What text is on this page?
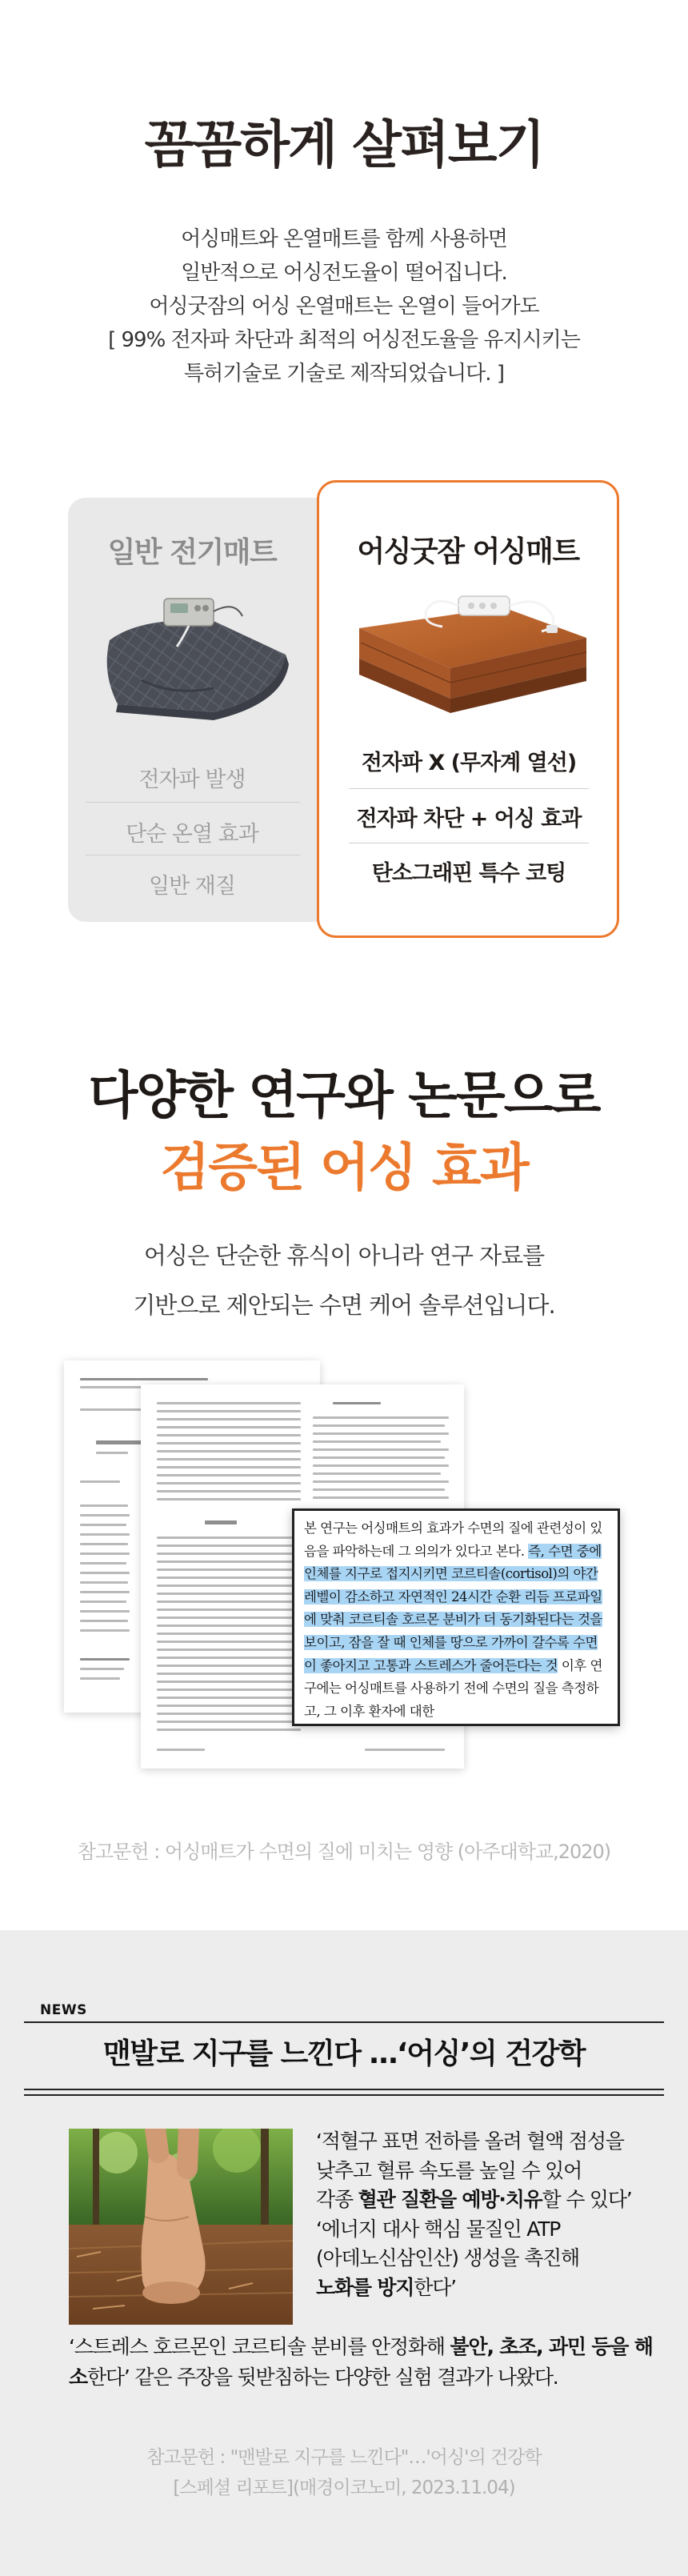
꼼꼼하게 살펴보기
어싱매트와 온열매트를 함께 사용하면
일반적으로 어싱전도율이 떨어집니다.
어싱굿잠의 어싱 온열매트는 온열이 들어가도
[ 99% 전자파 차단과 최적의 어싱전도율을 유지시키는
특허기술로 기술로 제작되었습니다. ]
일반 전기매트
전자파 발생
단순 온열 효과
일반 재질
어싱굿잠 어싱매트
전자파 X (무자계 열선)
전자파 차단 + 어싱 효과
탄소그래핀 특수 코팅
다양한 연구와 논문으로
검증된 어싱 효과
어싱은 단순한 휴식이 아니라 연구 자료를
기반으로 제안되는 수면 케어 솔루션입니다.
본 연구는 어싱매트의 효과가 수면의 질에 관련성이 있음을 파악하는데 그 의의가 있다고 본다. 즉, 수면 중에 인체를 지구로 접지시키면 코르티솔(cortisol)의 야간 레벨이 감소하고 자연적인 24시간 순환 리듬 프로파일에 맞춰 코르티솔 호르몬 분비가 더 동기화된다는 것을 보이고, 잠을 잘 때 인체를 땅으로 가까이 갈수록 수면이 좋아지고 고통과 스트레스가 줄어든다는 것 이후 연구에는 어싱매트를 사용하기 전에 수면의 질을 측정하고, 그 이후 환자에 대한
참고문헌 : 어싱매트가 수면의 질에 미치는 영향 (아주대학교,2020)
NEWS
맨발로 지구를 느낀다 …‘어싱’의 건강학
‘적혈구 표면 전하를 올려 혈액 점성을
낮추고 혈류 속도를 높일 수 있어
각종 혈관 질환을 예방·치유할 수 있다’
‘에너지 대사 핵심 물질인 ATP
(아데노신삼인산) 생성을 촉진해
노화를 방지한다’
‘스트레스 호르몬인 코르티솔 분비를 안정화해 불안, 초조, 과민 등을 해소한다’ 같은 주장을 뒷받침하는 다양한 실험 결과가 나왔다.
참고문헌 : "맨발로 지구를 느낀다"…'어싱'의 건강학
[스페셜 리포트](매경이코노미, 2023.11.04)
